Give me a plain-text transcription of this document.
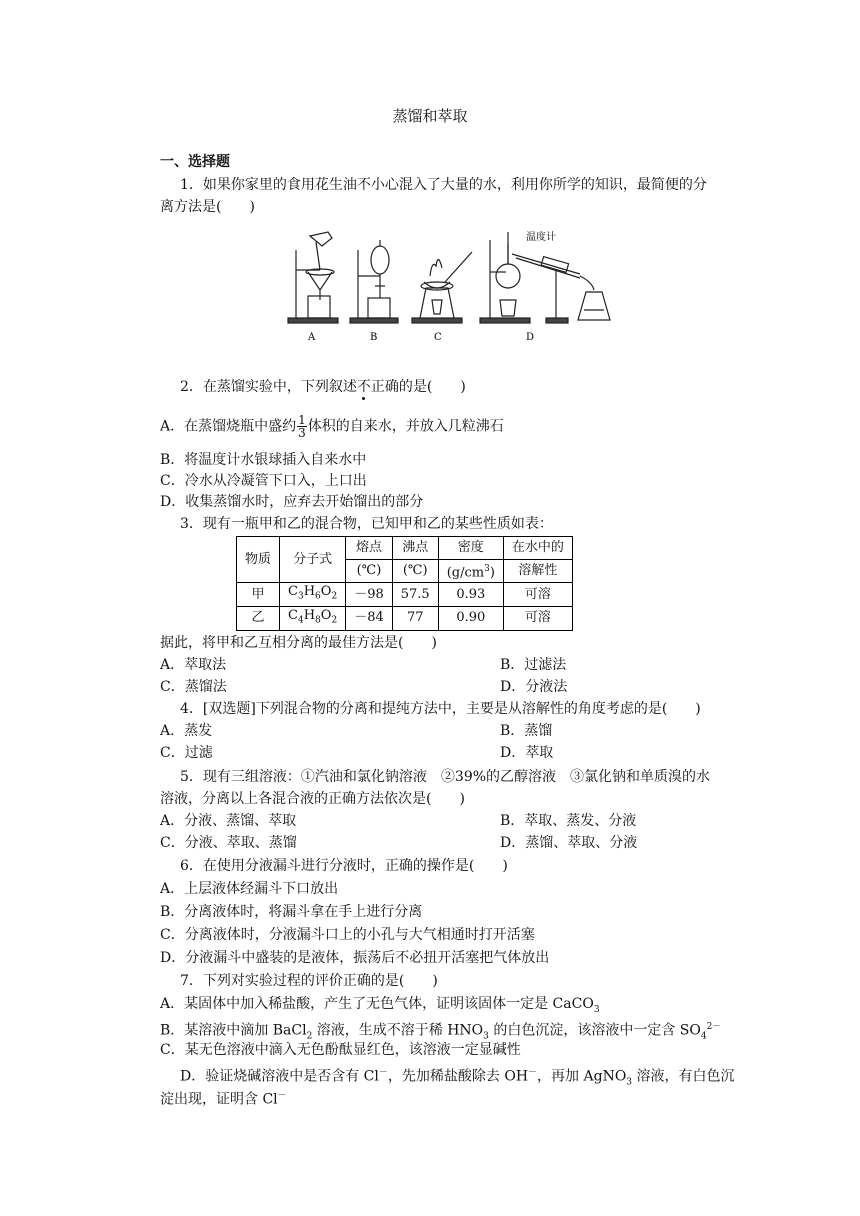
蒸馏和萃取
一、选择题
1．如果你家里的食用花生油不小心混入了大量的水，利用你所学的知识，最简便的分
离方法是(　　)
温度计
A	B	C	D
2．在蒸馏实验中，下列叙述不正确的是(　　)
A．在蒸馏烧瓶中盛约 $\frac{1}{3}$ 体积的自来水，并放入几粒沸石
B．将温度计水银球插入自来水中
C．冷水从冷凝管下口入，上口出
D．收集蒸馏水时，应弃去开始馏出的部分
3．现有一瓶甲和乙的混合物，已知甲和乙的某些性质如表：
物质	分子式	熔点	沸点	密度	在水中的
		(℃)	(℃)	$(g/cm^3)$	溶解性
甲	$C_3H_6O_2$	－98	57.5	0.93	可溶
乙	$C_4H_8O_2$	－84	77	0.90	可溶
据此，将甲和乙互相分离的最佳方法是(　　)
A．萃取法	B．过滤法
C．蒸馏法	D．分液法
4．[双选题]下列混合物的分离和提纯方法中，主要是从溶解性的角度考虑的是(　　)
A．蒸发	B．蒸馏
C．过滤	D．萃取
5．现有三组溶液：①汽油和氯化钠溶液　②39%的乙醇溶液　③氯化钠和单质溴的水
溶液，分离以上各混合液的正确方法依次是(　　)
A．分液、蒸馏、萃取	B．萃取、蒸发、分液
C．分液、萃取、蒸馏	D．蒸馏、萃取、分液
6．在使用分液漏斗进行分液时，正确的操作是(　　)
A．上层液体经漏斗下口放出
B．分离液体时，将漏斗拿在手上进行分离
C．分离液体时，分液漏斗口上的小孔与大气相通时打开活塞
D．分液漏斗中盛装的是液体，振荡后不必扭开活塞把气体放出
7．下列对实验过程的评价正确的是(　　)
A．某固体中加入稀盐酸，产生了无色气体，证明该固体一定是 CaCO$_3$
B．某溶液中滴加 BaCl$_2$ 溶液，生成不溶于稀 $HNO_3$ 的白色沉淀，该溶液中一定含 $SO_4^{2-}$
C．某无色溶液中滴入无色酚酞显红色，该溶液一定显碱性
D．验证烧碱溶液中是否含有 Cl－，先加稀盐酸除去 OH－，再加 AgNO$_3$ 溶液，有白色沉
淀出现，证明含 Cl－
